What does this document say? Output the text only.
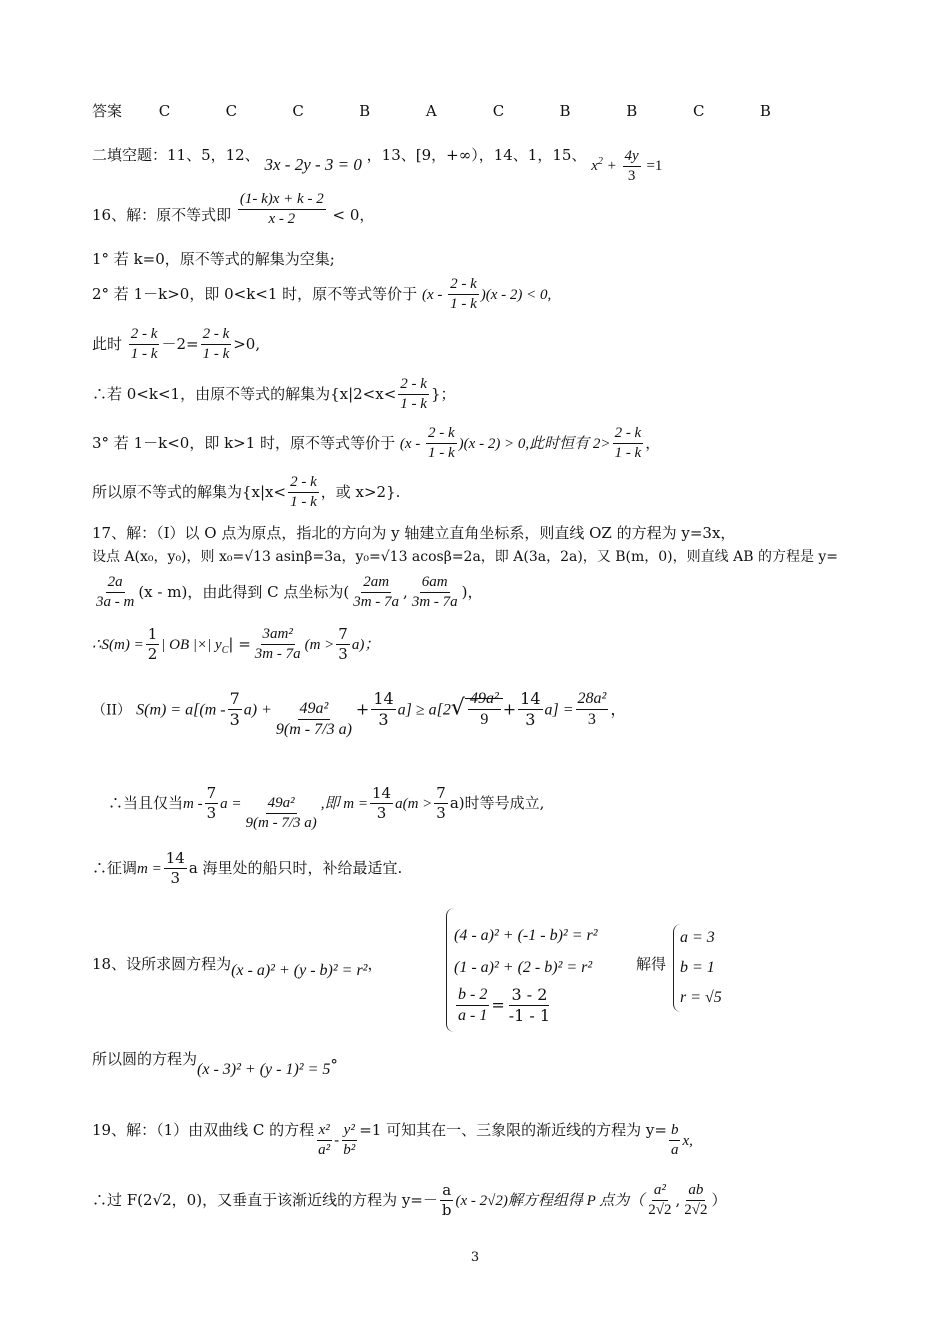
答案 C	C	C	B	A	C	B	B	C	B
二填空题：11、5，12、 3x - 2y - 3 = 0 ，13、[9，+∞），14、1，15、 $x^2 + \frac{4y}{3} =1$
16、解：原不等式即 $\frac{(1- k)x + k - 2}{x - 2} < 0$，
1° 若 k=0，原不等式的解集为空集;
2° 若 1－k>0，即 0<k<1 时，原不等式等价于 $(x - \frac{2 - k}{1 - k} )(x - 2) < 0$,
此时 $\frac{2 - k}{1 - k} -2= \frac{2 - k}{1 - k} >0$,
∴若 0<k<1，由原不等式的解集为{$x|2<x< \frac{2 - k}{1 - k}$ }；
3° 若 1－k<0，即 k>1 时，原不等式等价于 $(x - \frac{2 - k}{1 - k} )(x - 2) > 0$,此时恒有 $2> \frac{2 - k}{1 - k}$ ，
所以原不等式的解集为{$x|x< \frac{2 - k}{1 - k}$ ，或 x>2}.
17、解：（I）以 O 点为原点，指北的方向为 y 轴建立直角坐标系，则直线 OZ 的方程为 y=3x，
设点 A(x₀，y₀)，则 x₀=√13 asinβ=3a，y₀=√13 acosβ=2a，即 A(3a，2a)，又 B(m，0)，则直线 AB 的方程是 y=
$\frac{2a}{3a - m} (x - m)$，由此得到 C 点坐标为( $\frac{2am}{3m - 7a}$ , $\frac{6am}{3m - 7a}$ )，
∴S(m) = $\frac{1}{2}$ | OB |×| $y_C| = \frac{\text{3am²}}{3m - 7a} (m > \frac{7}{3} a)$；
（II） $S(m) = a[(m - \frac{7}{3} a) + \frac{\text{49a²}}{9(m - 7/3 a)} + \frac{14}{3} a] \ge a[2√ \frac{\text{49a²}}{9} + \frac{14}{3} a] = \frac{\text{28a²}}{3}$ ，
∴当且仅当m - $\frac{7}{3}$ $a = \frac{\text{49a²}}{9(m - 7/3 a)}$ ,即 $m = \frac{14}{3} a(m > \frac{7}{3} a)$时等号成立,
∴征调$m = \frac{14}{3}$ a 海里处的船只时，补给最适宜.
18、设所求圆方程为(x - a)² + (y - b)² = r²，
(4 - a)² + (-1 - b)² = r²
(1 - a)² + (2 - b)² = r²
$\frac{b - 2}{a - 1} = \frac{3 - 2}{-1 - 1}$
解得
a = 3
b = 1
r = √5
所以圆的方程为(x - 3)² + (y - 1)² = 5°
19、解：（1）由双曲线 C 的方程 $\frac{\text{x²}}{\text{a²}} - \frac{\text{y²}}{\text{b²}} =1$ 可知其在一、三象限的渐近线的方程为 $y= \frac{b}{a} x$,
∴过 F(2√2，0)，又垂直于该渐近线的方程为 $y=- \frac{a}{b} (x - 2√2)$解方程组得 P 点为（ $\frac{\text{a²}}{2√2}$ , $\frac{ab}{2√2}$ ）
3
